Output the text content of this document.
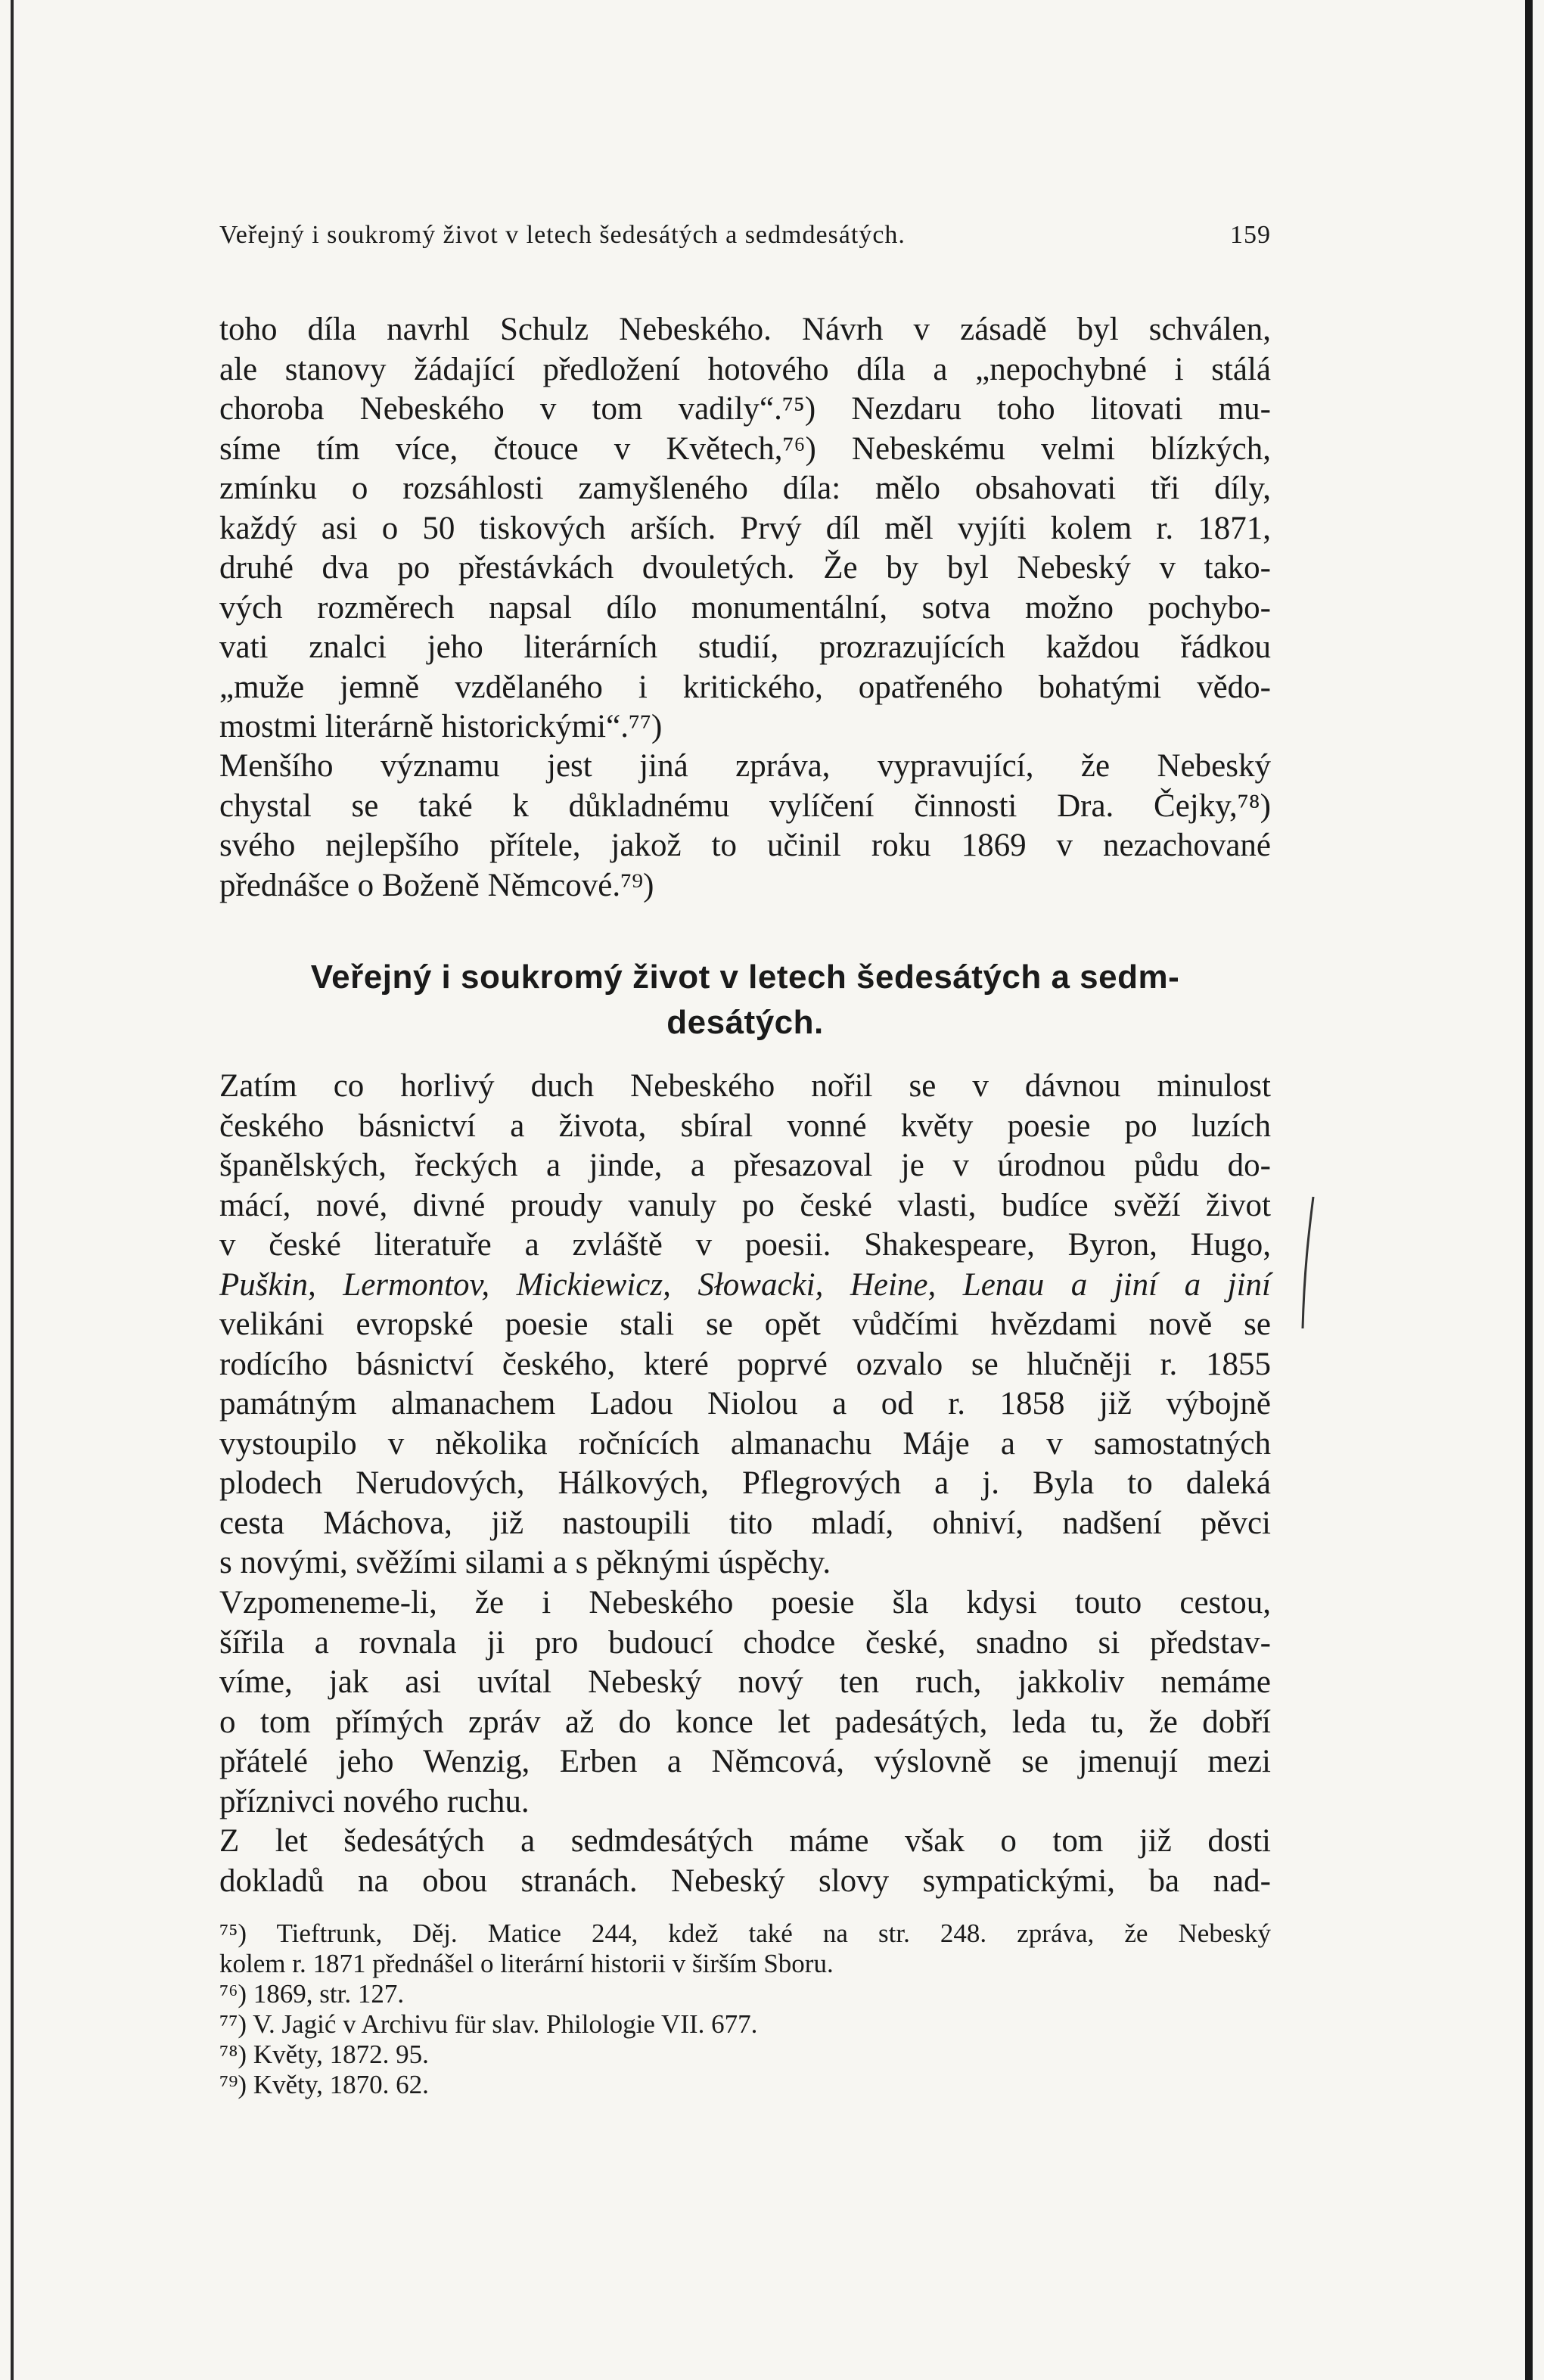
Veřejný i soukromý život v letech šedesátých a sedmdesátých.	159
toho díla navrhl Schulz Nebeského. Návrh v zásadě byl schválen,
ale stanovy žádající předložení hotového díla a „nepochybné i stálá
choroba Nebeského v tom vadily“.⁷⁵) Nezdaru toho litovati mu-
síme tím více, čtouce v Květech,⁷⁶) Nebeskému velmi blízkých,
zmínku o rozsáhlosti zamyšleného díla: mělo obsahovati tři díly,
každý asi o 50 tiskových arších. Prvý díl měl vyjíti kolem r. 1871,
druhé dva po přestávkách dvouletých. Že by byl Nebeský v tako-
vých rozměrech napsal dílo monumentální, sotva možno pochybo-
vati znalci jeho literárních studií, prozrazujících každou řádkou
„muže jemně vzdělaného i kritického, opatřeného bohatými vědo-
mostmi literárně historickými“.⁷⁷)
Menšího významu jest jiná zpráva, vypravující, že Nebeský
chystal se také k důkladnému vylíčení činnosti Dra. Čejky,⁷⁸)
svého nejlepšího přítele, jakož to učinil roku 1869 v nezachované
přednášce o Boženě Němcové.⁷⁹)
Veřejný i soukromý život v letech šedesátých a sedm-
desátých.
Zatím co horlivý duch Nebeského nořil se v dávnou minulost
českého básnictví a života, sbíral vonné květy poesie po luzích
španělských, řeckých a jinde, a přesazoval je v úrodnou půdu do-
mácí, nové, divné proudy vanuly po české vlasti, budíce svěží život
v české literatuře a zvláště v poesii. Shakespeare, Byron, Hugo,
Puškin, Lermontov, Mickiewicz, Słowacki, Heine, Lenau a jiní a jiní
velikáni evropské poesie stali se opět vůdčími hvězdami nově se
rodícího básnictví českého, které poprvé ozvalo se hlučněji r. 1855
památným almanachem Ladou Niolou a od r. 1858 již výbojně
vystoupilo v několika ročnících almanachu Máje a v samostatných
plodech Nerudových, Hálkových, Pflegrových a j. Byla to daleká
cesta Máchova, již nastoupili tito mladí, ohniví, nadšení pěvci
s novými, svěžími silami a s pěknými úspěchy.
Vzpomeneme-li, že i Nebeského poesie šla kdysi touto cestou,
šířila a rovnala ji pro budoucí chodce české, snadno si představ-
víme, jak asi uvítal Nebeský nový ten ruch, jakkoliv nemáme
o tom přímých zpráv až do konce let padesátých, leda tu, že dobří
přátelé jeho Wenzig, Erben a Němcová, výslovně se jmenují mezi
příznivci nového ruchu.
Z let šedesátých a sedmdesátých máme však o tom již dosti
dokladů na obou stranách. Nebeský slovy sympatickými, ba nad-

⁷⁵) Tieftrunk, Děj. Matice 244, kdež také na str. 248. zpráva, že Nebeský

kolem r. 1871 přednášel o literární historii v širším Sboru.

⁷⁶) 1869, str. 127.

⁷⁷) V. Jagić v Archivu für slav. Philologie VII. 677.

⁷⁸) Květy, 1872. 95.

⁷⁹) Květy, 1870. 62.
